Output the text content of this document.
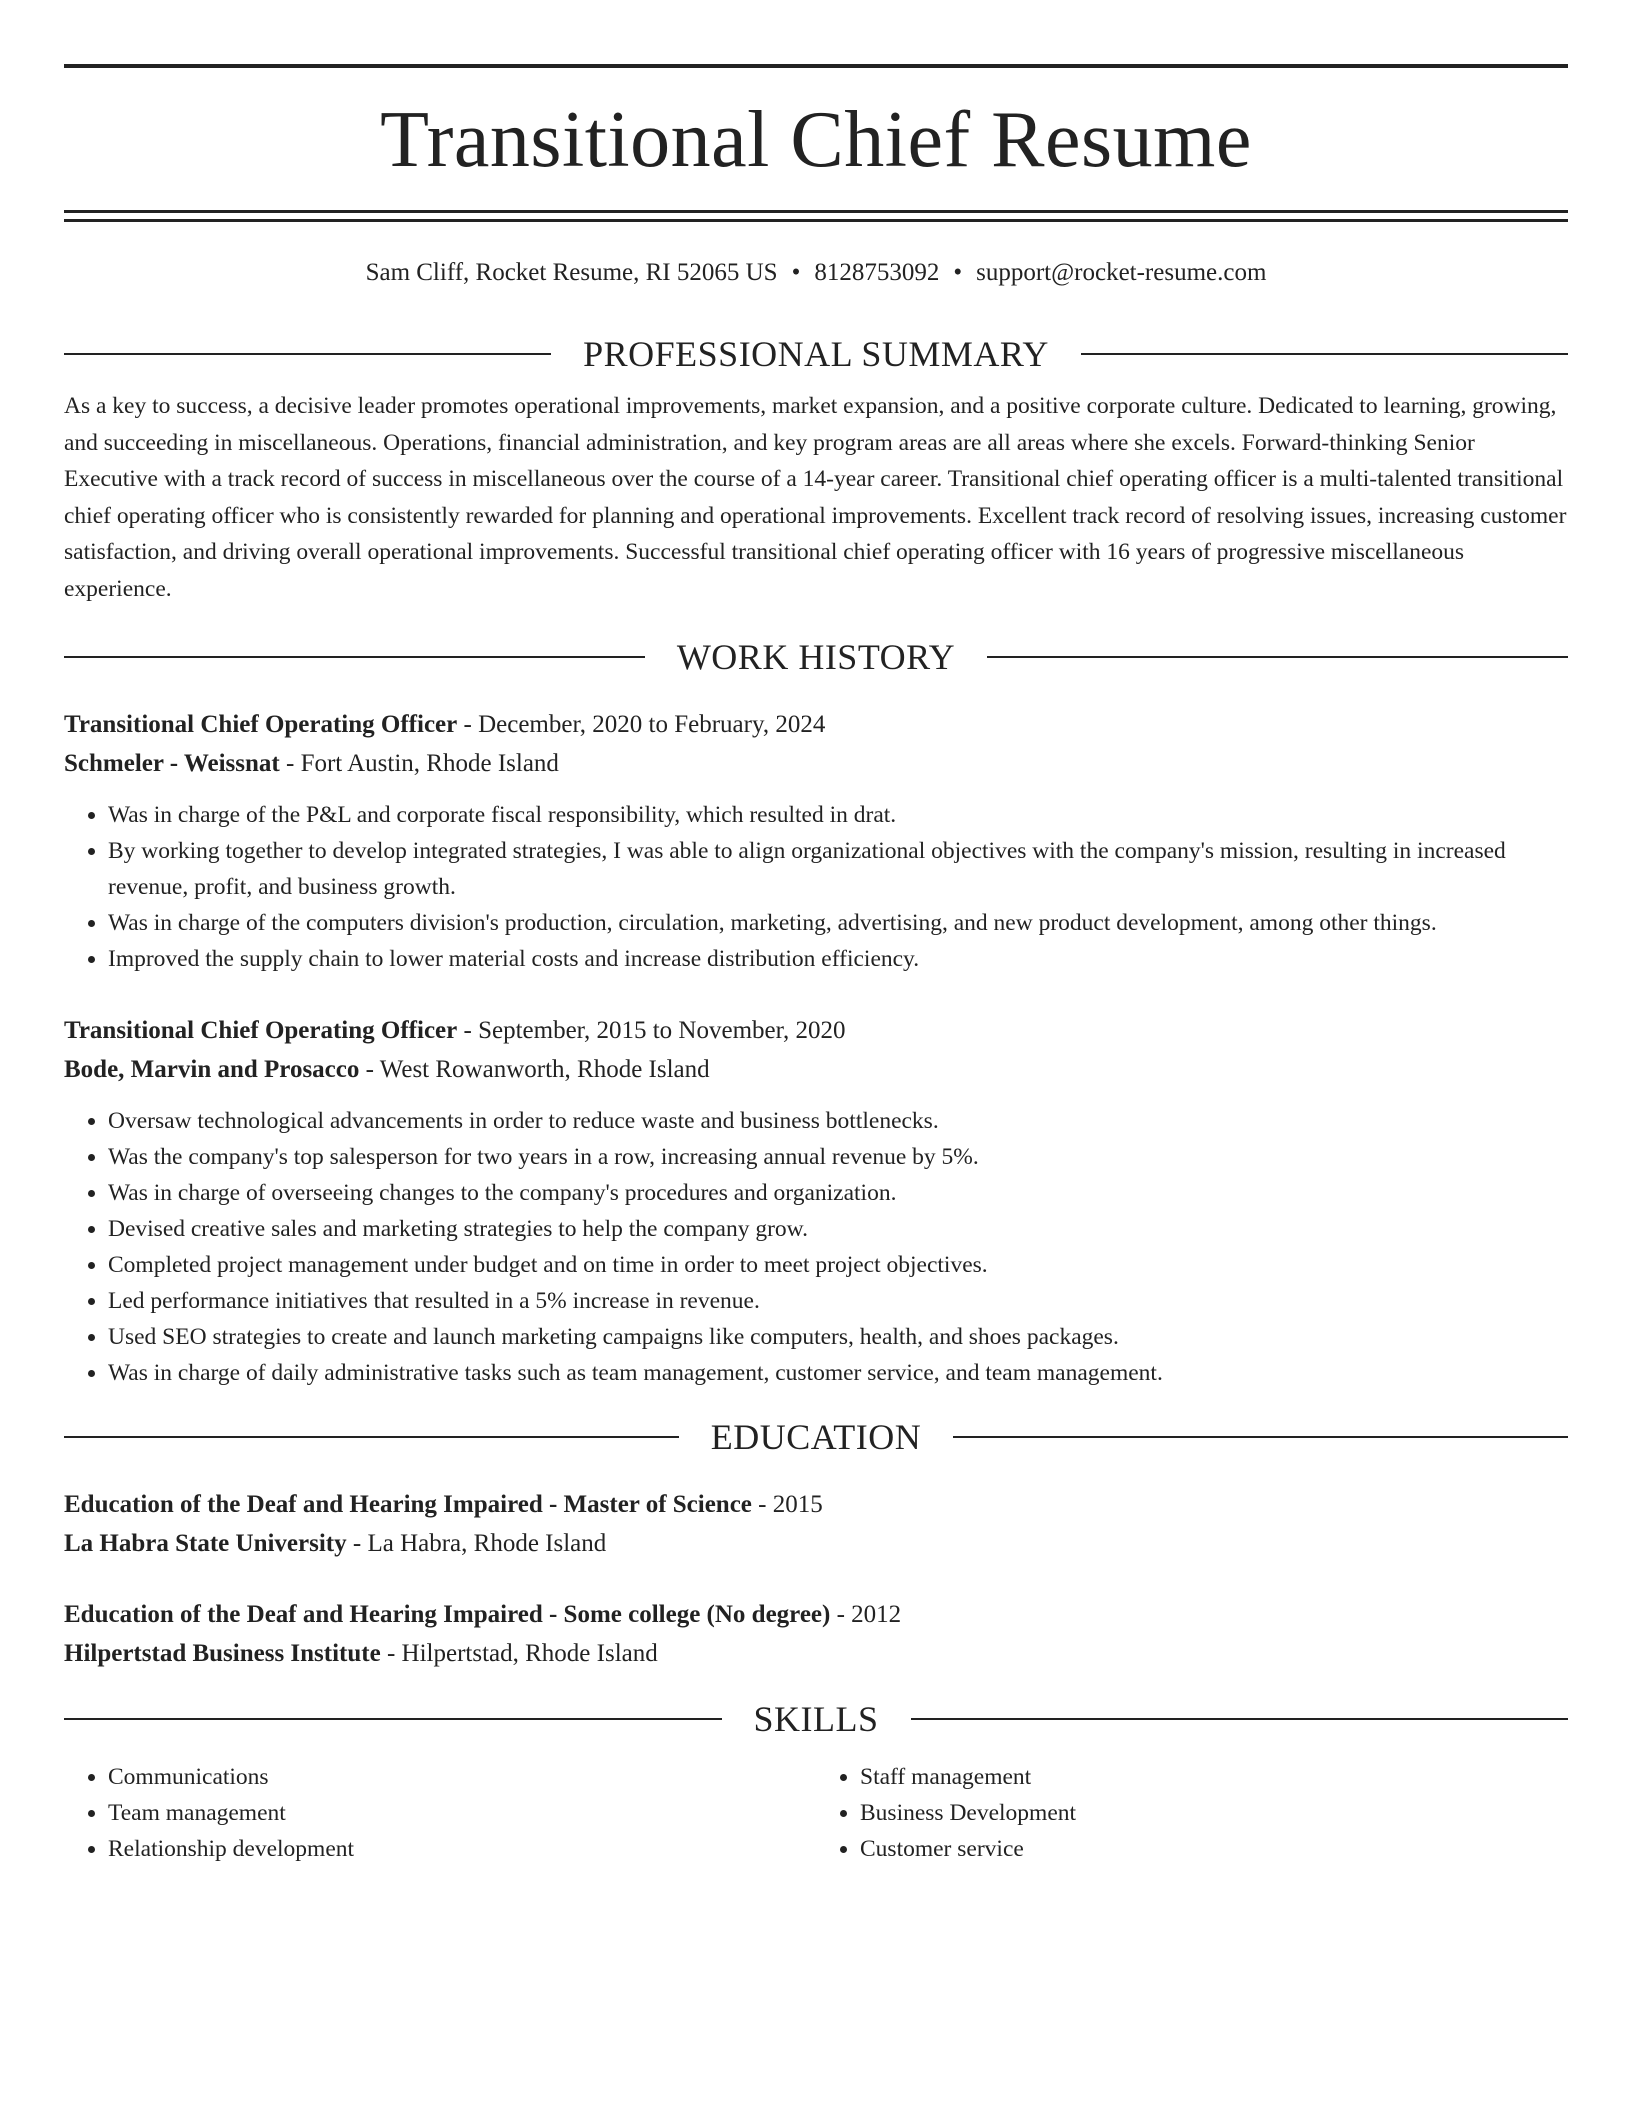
Transitional Chief Resume
Sam Cliff, Rocket Resume, RI 52065 US • 8128753092 • support@rocket-resume.com
PROFESSIONAL SUMMARY
As a key to success, a decisive leader promotes operational improvements, market expansion, and a positive corporate culture. Dedicated to learning, growing, and succeeding in miscellaneous. Operations, financial administration, and key program areas are all areas where she excels. Forward-thinking Senior Executive with a track record of success in miscellaneous over the course of a 14-year career. Transitional chief operating officer is a multi-talented transitional chief operating officer who is consistently rewarded for planning and operational improvements. Excellent track record of resolving issues, increasing customer satisfaction, and driving overall operational improvements. Successful transitional chief operating officer with 16 years of progressive miscellaneous experience.
WORK HISTORY
Transitional Chief Operating Officer - December, 2020 to February, 2024
Schmeler - Weissnat - Fort Austin, Rhode Island
• Was in charge of the P&L and corporate fiscal responsibility, which resulted in drat.
• By working together to develop integrated strategies, I was able to align organizational objectives with the company's mission, resulting in increased revenue, profit, and business growth.
• Was in charge of the computers division's production, circulation, marketing, advertising, and new product development, among other things.
• Improved the supply chain to lower material costs and increase distribution efficiency.
Transitional Chief Operating Officer - September, 2015 to November, 2020
Bode, Marvin and Prosacco - West Rowanworth, Rhode Island
• Oversaw technological advancements in order to reduce waste and business bottlenecks.
• Was the company's top salesperson for two years in a row, increasing annual revenue by 5%.
• Was in charge of overseeing changes to the company's procedures and organization.
• Devised creative sales and marketing strategies to help the company grow.
• Completed project management under budget and on time in order to meet project objectives.
• Led performance initiatives that resulted in a 5% increase in revenue.
• Used SEO strategies to create and launch marketing campaigns like computers, health, and shoes packages.
• Was in charge of daily administrative tasks such as team management, customer service, and team management.
EDUCATION
Education of the Deaf and Hearing Impaired - Master of Science - 2015
La Habra State University - La Habra, Rhode Island
Education of the Deaf and Hearing Impaired - Some college (No degree) - 2012
Hilpertstad Business Institute - Hilpertstad, Rhode Island
SKILLS
• Communications
• Team management
• Relationship development
• Staff management
• Business Development
• Customer service
